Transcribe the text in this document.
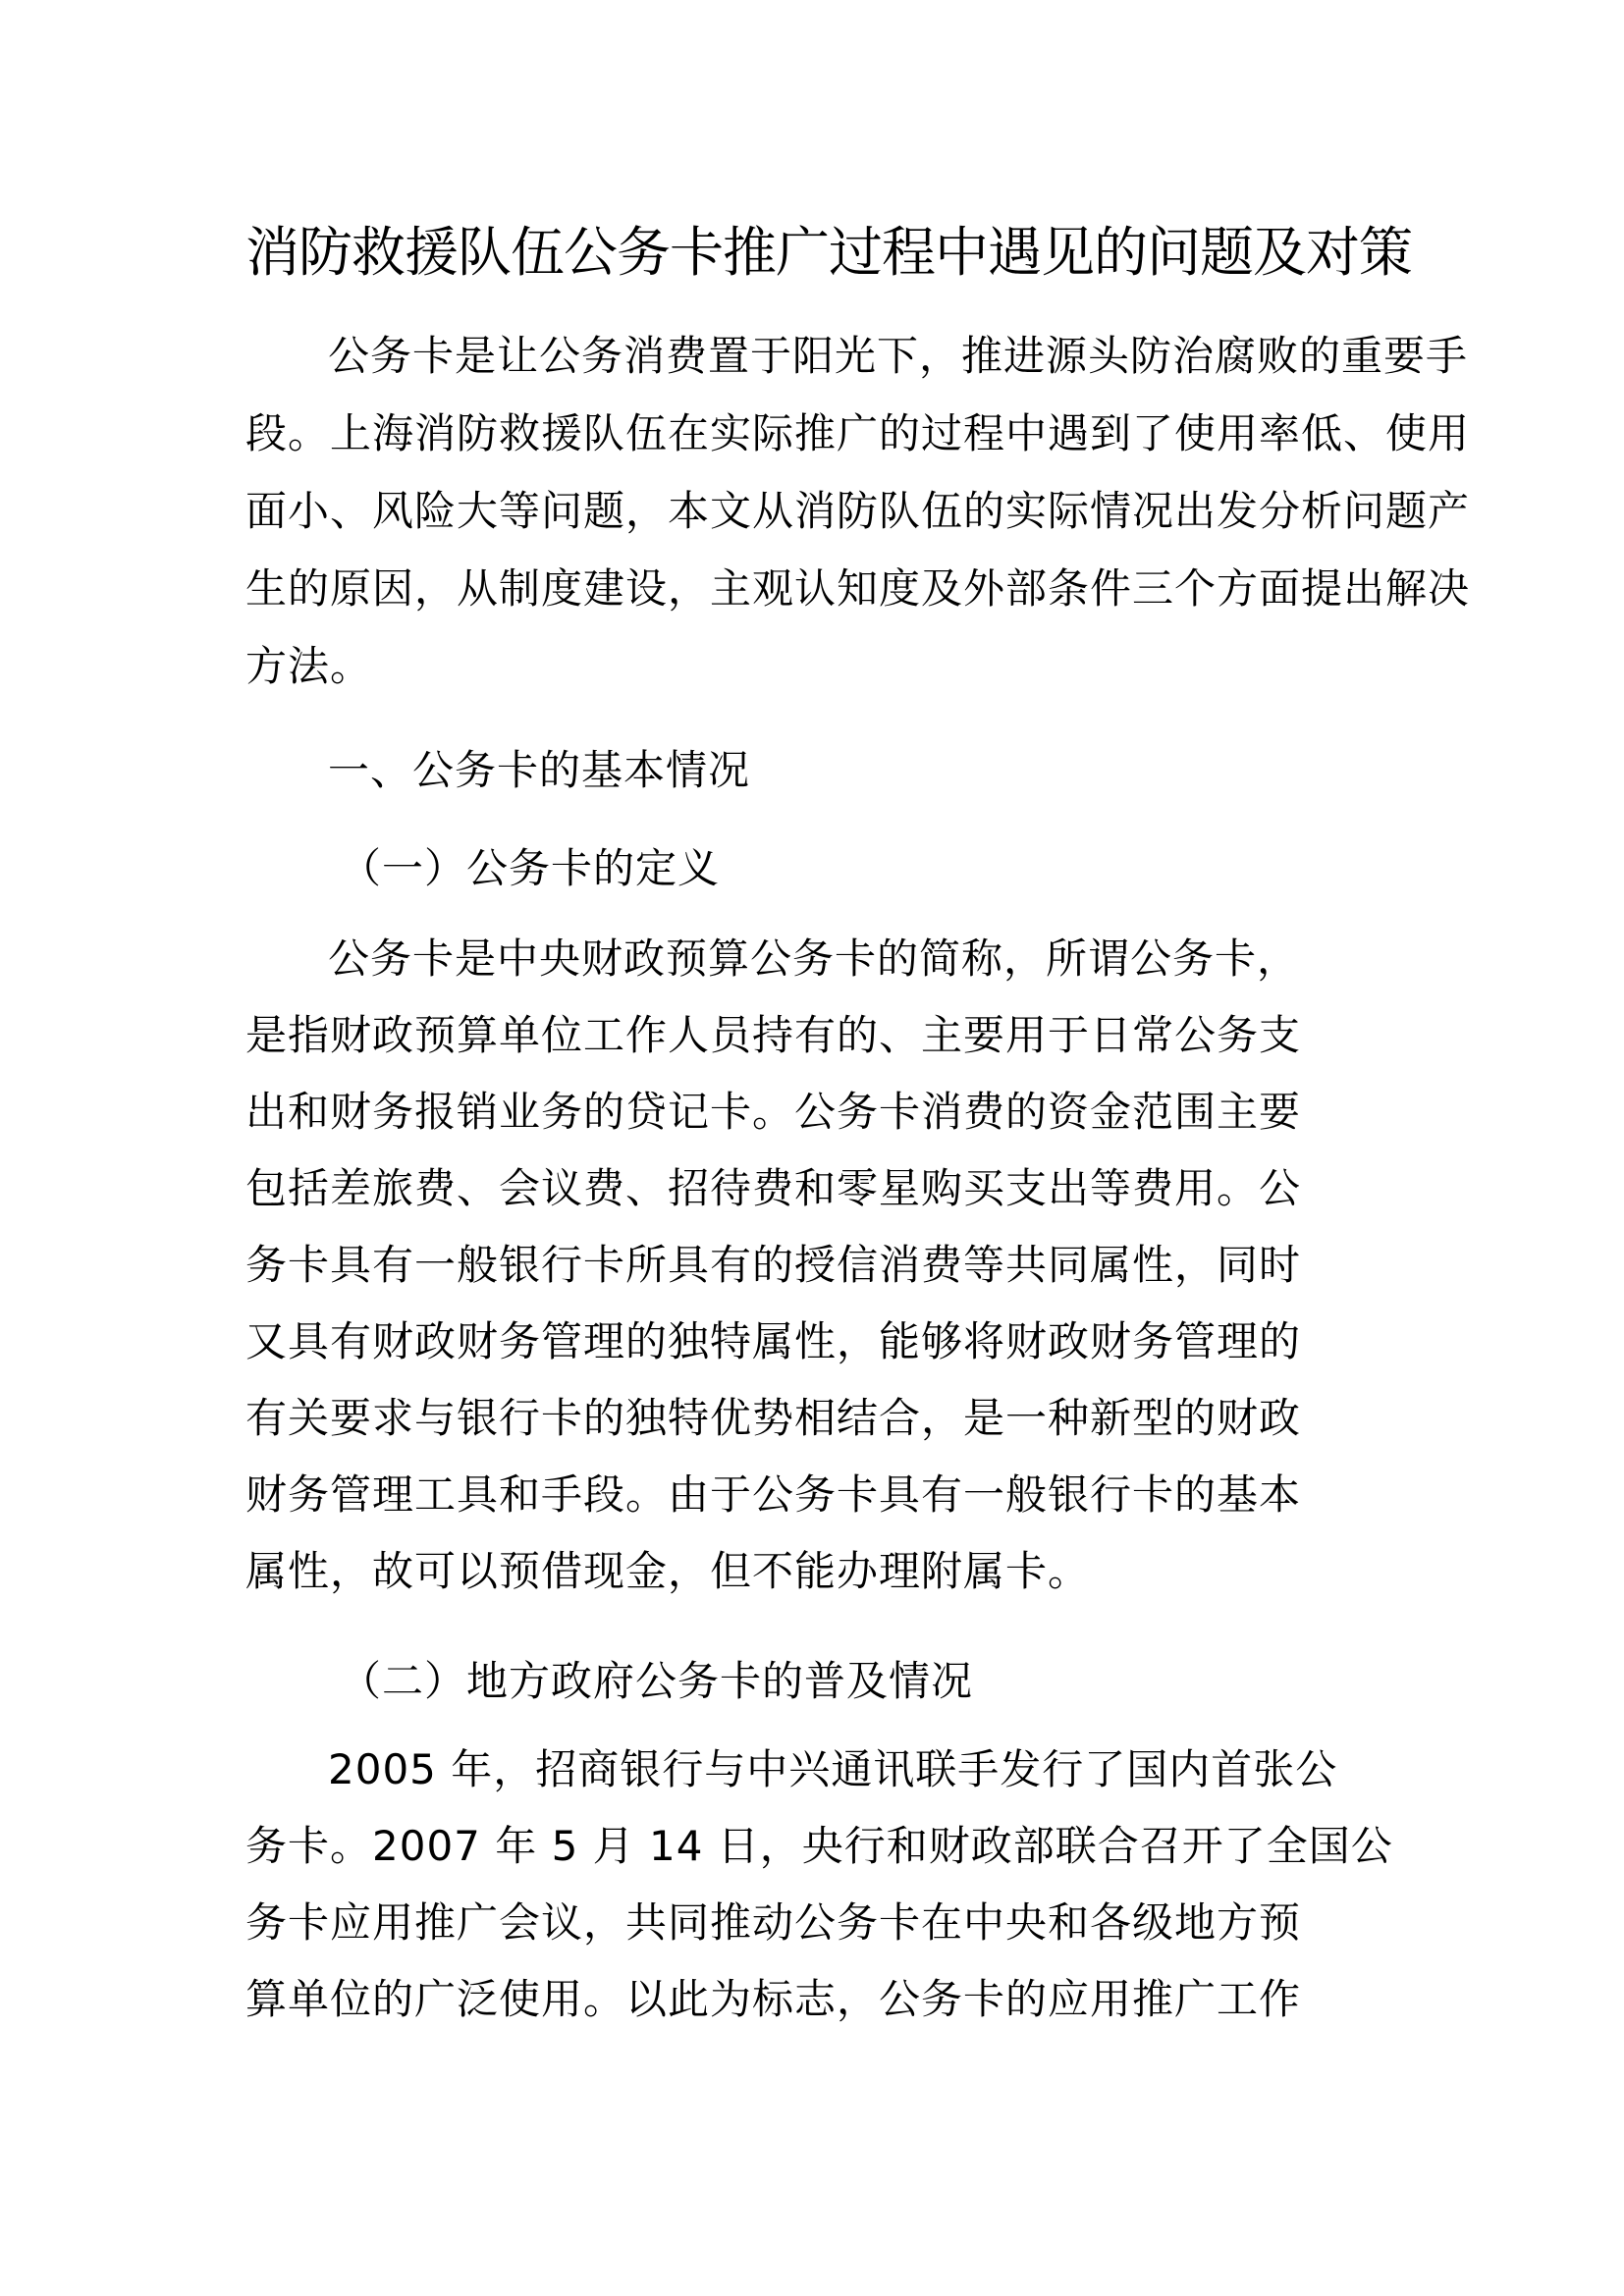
消防救援队伍公务卡推广过程中遇见的问题及对策
公务卡是让公务消费置于阳光下，推进源头防治腐败的重要手
段。上海消防救援队伍在实际推广的过程中遇到了使用率低、使用
面小、风险大等问题，本文从消防队伍的实际情况出发分析问题产
生的原因，从制度建设，主观认知度及外部条件三个方面提出解决
方法。
一、公务卡的基本情况
（一）公务卡的定义
公务卡是中央财政预算公务卡的简称，所谓公务卡，
是指财政预算单位工作人员持有的、主要用于日常公务支
出和财务报销业务的贷记卡。公务卡消费的资金范围主要
包括差旅费、会议费、招待费和零星购买支出等费用。公
务卡具有一般银行卡所具有的授信消费等共同属性，同时
又具有财政财务管理的独特属性，能够将财政财务管理的
有关要求与银行卡的独特优势相结合，是一种新型的财政
财务管理工具和手段。由于公务卡具有一般银行卡的基本
属性，故可以预借现金，但不能办理附属卡。
（二）地方政府公务卡的普及情况
2005 年，招商银行与中兴通讯联手发行了国内首张公
务卡。2007 年 5 月 14 日，央行和财政部联合召开了全国公
务卡应用推广会议，共同推动公务卡在中央和各级地方预
算单位的广泛使用。以此为标志，公务卡的应用推广工作
